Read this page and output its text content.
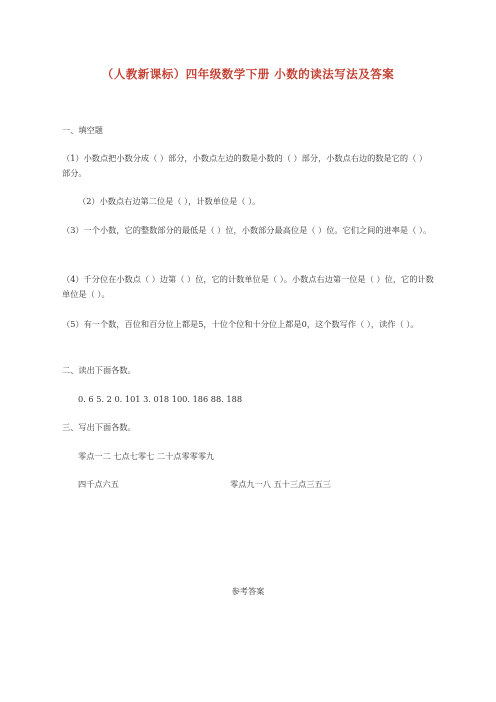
（人教新课标）四年级数学下册 小数的读法写法及答案
一、填空题
（1）小数点把小数分成（ ）部分，小数点左边的数是小数的（ ）部分，小数点右边的数是它的（ ）部分。
（2）小数点右边第二位是（ ），计数单位是（ ）。
（3）一个小数，它的整数部分的最低是（ ）位，小数部分最高位是（ ）位。它们之间的进率是（ ）。
（4）千分位在小数点（ ）边第（ ）位，它的计数单位是（ ）。小数点右边第一位是（ ）位，它的计数单位是（ ）。
（5）有一个数，百位和百分位上都是5，十位个位和十分位上都是0，这个数写作（ ），读作（ ）。
二、读出下面各数。
0. 6 5. 2 0. 101 3. 018 100. 186 88. 188
三、写出下面各数。
零点一二 七点七零七 二十点零零零九
四千点六五	零点九一八 五十三点三五三
参考答案
